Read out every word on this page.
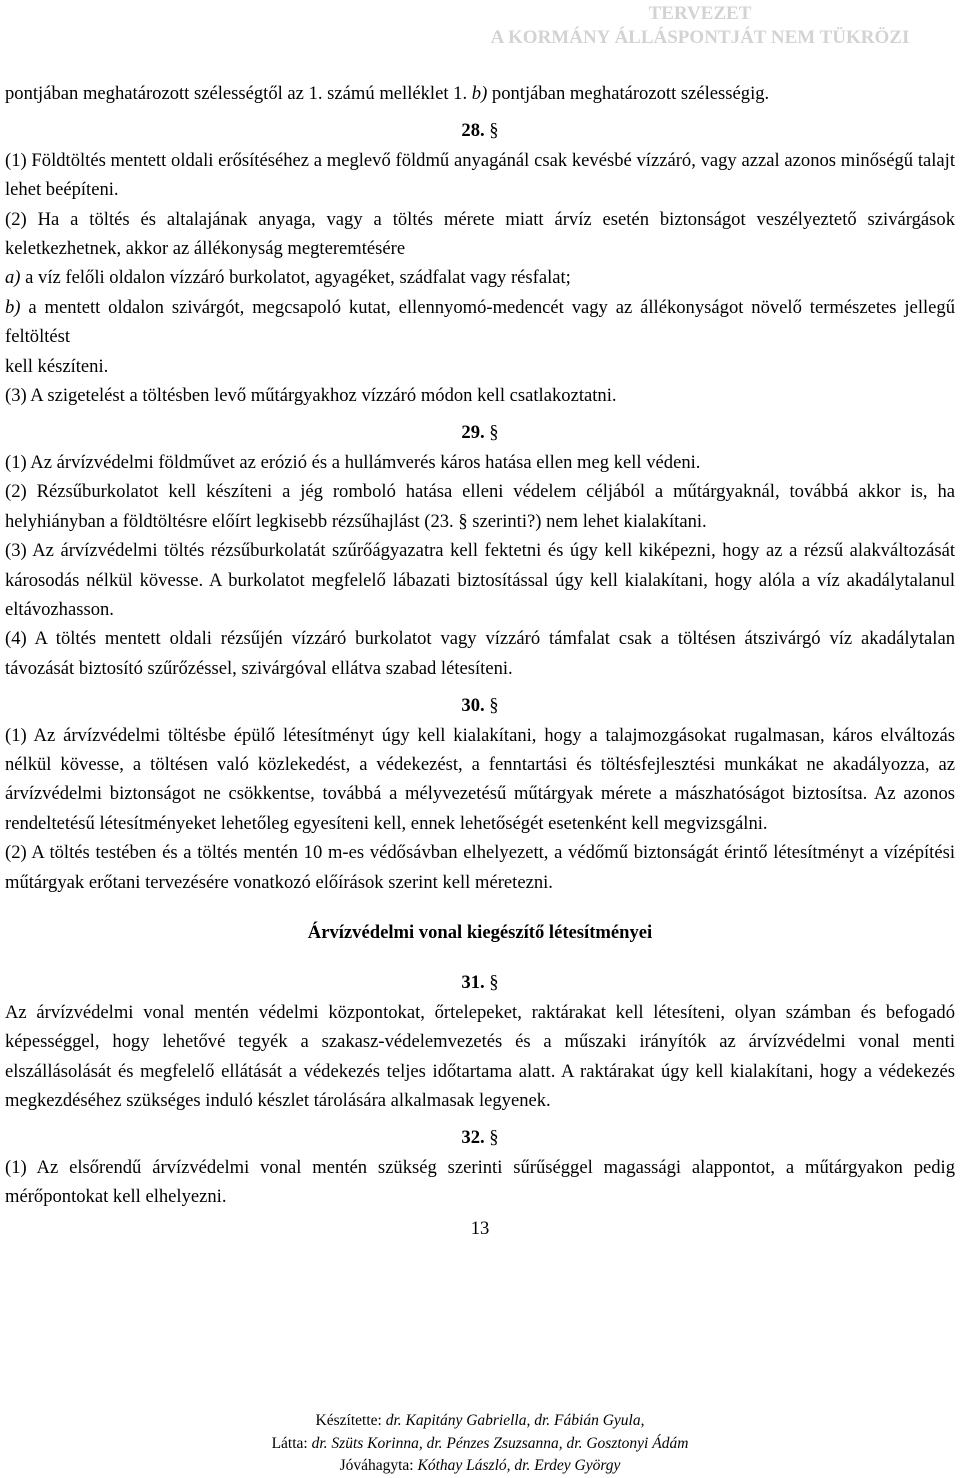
TERVEZET
A KORMÁNY ÁLLÁSPONTJÁT NEM TÜKRÖZI

pontjában meghatározott szélességtől az 1. számú melléklet 1. b) pontjában meghatározott szélességig.

28. §

(1) Földtöltés mentett oldali erősítéséhez a meglevő földmű anyagánál csak kevésbé vízzáró, vagy azzal azonos minőségű talajt lehet beépíteni.

(2) Ha a töltés és altalajának anyaga, vagy a töltés mérete miatt árvíz esetén biztonságot veszélyeztető szivárgások keletkezhetnek, akkor az állékonyság megteremtésére

a) a víz felőli oldalon vízzáró burkolatot, agyagéket, szádfalat vagy résfalat;

b) a mentett oldalon szivárgót, megcsapoló kutat, ellennyomó-medencét vagy az állékonyságot növelő természetes jellegű feltöltést

kell készíteni.

(3) A szigetelést a töltésben levő műtárgyakhoz vízzáró módon kell csatlakoztatni.

29. §

(1) Az árvízvédelmi földművet az erózió és a hullámverés káros hatása ellen meg kell védeni.

(2) Rézsűburkolatot kell készíteni a jég romboló hatása elleni védelem céljából a műtárgyaknál, továbbá akkor is, ha helyhiányban a földtöltésre előírt legkisebb rézsűhajlást (23. § szerinti?) nem lehet kialakítani.

(3) Az árvízvédelmi töltés rézsűburkolatát szűrőágyazatra kell fektetni és úgy kell kiképezni, hogy az a rézsű alakváltozását károsodás nélkül kövesse. A burkolatot megfelelő lábazati biztosítással úgy kell kialakítani, hogy alóla a víz akadálytalanul eltávozhasson.

(4) A töltés mentett oldali rézsűjén vízzáró burkolatot vagy vízzáró támfalat csak a töltésen átszivárgó víz akadálytalan távozását biztosító szűrőzéssel, szivárgóval ellátva szabad létesíteni.

30. §

(1) Az árvízvédelmi töltésbe épülő létesítményt úgy kell kialakítani, hogy a talajmozgásokat rugalmasan, káros elváltozás nélkül kövesse, a töltésen való közlekedést, a védekezést, a fenntartási és töltésfejlesztési munkákat ne akadályozza, az árvízvédelmi biztonságot ne csökkentse, továbbá a mélyvezetésű műtárgyak mérete a mászhatóságot biztosítsa. Az azonos rendeltetésű létesítményeket lehetőleg egyesíteni kell, ennek lehetőségét esetenként kell megvizsgálni.

(2) A töltés testében és a töltés mentén 10 m-es védősávban elhelyezett, a védőmű biztonságát érintő létesítményt a vízépítési műtárgyak erőtani tervezésére vonatkozó előírások szerint kell méretezni.

Árvízvédelmi vonal kiegészítő létesítményei

31. §

Az árvízvédelmi vonal mentén védelmi központokat, őrtelepeket, raktárakat kell létesíteni, olyan számban és befogadó képességgel, hogy lehetővé tegyék a szakasz-védelemvezetés és a műszaki irányítók az árvízvédelmi vonal menti elszállásolását és megfelelő ellátását a védekezés teljes időtartama alatt. A raktárakat úgy kell kialakítani, hogy a védekezés megkezdéséhez szükséges induló készlet tárolására alkalmasak legyenek.

32. §

(1) Az elsőrendű árvízvédelmi vonal mentén szükség szerinti sűrűséggel magassági alappontot, a műtárgyakon pedig mérőpontokat kell elhelyezni.

13

Készítette: dr. Kapitány Gabriella, dr. Fábián Gyula,
Látta: dr. Szüts Korinna, dr. Pénzes Zsuzsanna, dr. Gosztonyi Ádám
Jóváhagyta: Kóthay László, dr. Erdey György
